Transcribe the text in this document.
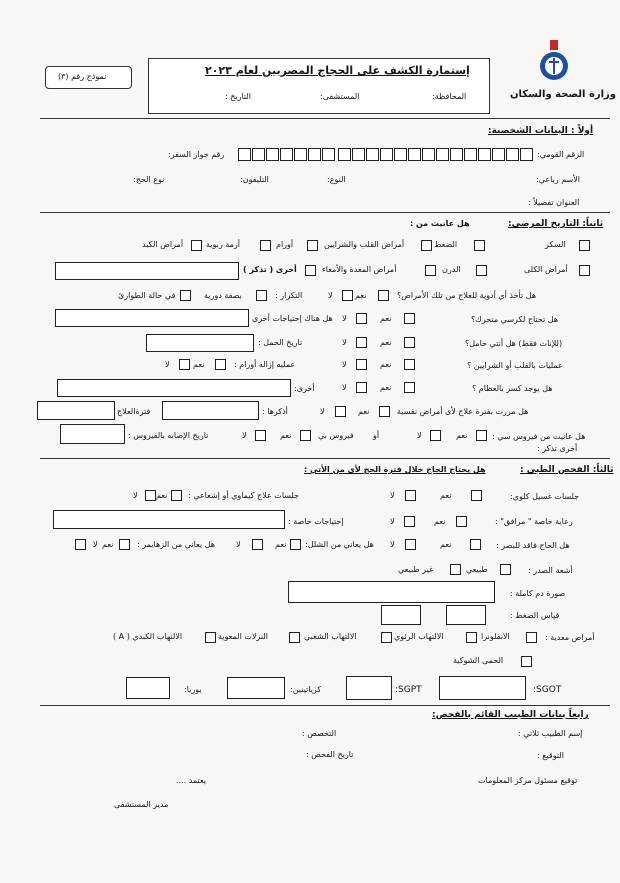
وزارة الصحة والسكان
نموذج رقم (٣)	إستمارة الكشف على الحجاج المصريين لعام ٢٠٢٣
المحافظة:
المستشفى:
التاريخ :
أولاً : البيانات الشخصية:
الرقم القومي:
رقم جواز السفر:
الأسم رباعي:
النوع:
التليفون:
نوع الحج:
العنوان تفصيلاً :
ثانياً: التاريخ المرضي:
هل عانيت من :
السكر
الضغط
أمراض القلب والشرايين
أورام
أزمة ربوية
أمراض الكبد
أمراض الكلى
الدرن
أمراض المعدة والأمعاء
أخرى ( تذكر )
هل تأخذ أي أدوية للعلاج من تلك الأمراض؟
نعم
لا
التكرار :
بصفة دورية
في حالة الطوارئ
هل تحتاج لكرسي متحرك؟
نعم
لا
هل هناك إحتياجات أخرى
(للإناث فقط) هل أنتي حامل؟
نعم
لا
تاريخ الحمل :
عمليات بالقلب أو الشرايين ؟
نعم
لا
عمليه إزاله أورام :
نعم
لا
أخرى:	هل يوجد كسر بالعظام ؟
نعم
لا
هل مررت بفترة علاج لأى أمراض نفسية
نعم
لا
أذكرها :
فترةالعلاج
هل عانيت من فيروس سي :
نعم
لا
أو
فيروس بي
نعم
لا
تاريخ الإصابه بالفيروس :
أخرى تذكر :
ثالثاً: الفحص الطبي :
هل يحتاج الحاج خلال فترة الحج لأى من الأتي :
جلسات غسيل كلوي:
نعم
لا
جلسات علاج كيماوي أو إشعاعي :
نعم
لا
رعاية خاصة " مرافق" :
نعم
لا
إحتياجات خاصة :
هل الحاج فاقد للبصر :
نعم
لا
هل يعاني من الشلل:
نعم
لا
هل يعاني من الزهايمر :
نعم
لا
أشعة الصدر :
طبيعي
غير طبيعي
صورة دم كاملة :
قياس الضغط :
أمراض معدية :
الانفلونزا
الالتهاب الرئوي
الالتهاب الشعبي
النزلات المعوية
الالتهاب الكبدي ( A )
الحمى الشوكية
SGOT:
SGPT:
كرياتينين:
يوريا:
رابعاً بيانات الطبيب القائم بالفحص:
إسم الطبيب ثلاثي :
التخصص :
التوقيع :
تاريخ الفحص :
توقيع مسئول مركز المعلومات
يعتمد ....
مدير المستشفى
